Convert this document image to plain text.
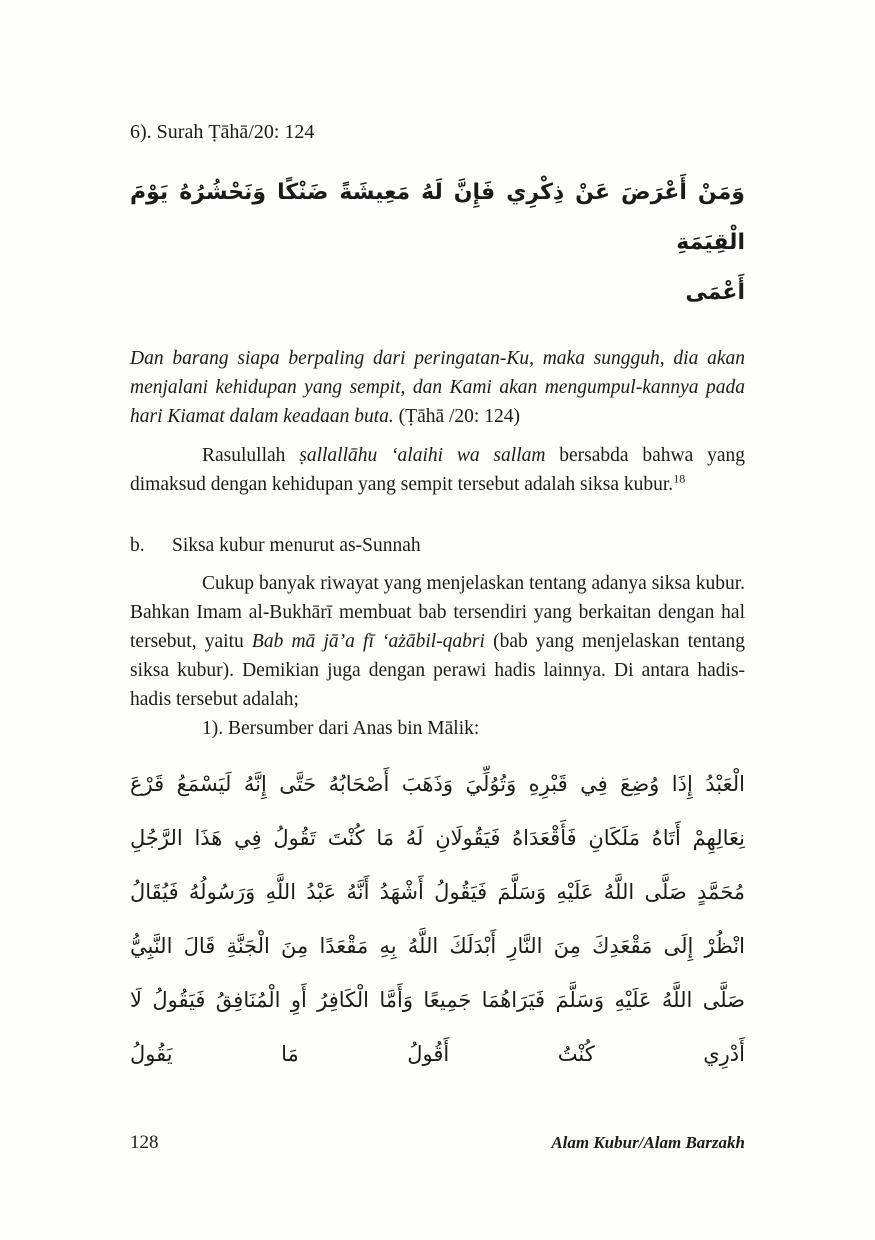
6). Surah Ṭāhā/20: 124
وَمَنْ أَعْرَضَ عَنْ ذِكْرِي فَإِنَّ لَهُ مَعِيشَةً ضَنْكًا وَنَحْشُرُهُ يَوْمَ الْقِيَمَةِ
أَعْمَى

Dan barang siapa berpaling dari peringatan-Ku, maka sungguh, dia akan menjalani kehidupan yang sempit, dan Kami akan mengumpul-kannya pada hari Kiamat dalam keadaan buta. (Ṭāhā /20: 124)

Rasulullah ṣallallāhu ‘alaihi wa sallam bersabda bahwa yang dimaksud dengan kehidupan yang sempit tersebut adalah siksa kubur.$^{18}$

b. Siksa kubur menurut as-Sunnah

Cukup banyak riwayat yang menjelaskan tentang adanya siksa kubur. Bahkan Imam al-Bukhārī membuat bab tersendiri yang berkaitan dengan hal tersebut, yaitu Bab mā jā’a fī ‘ażābil-qabri (bab yang menjelaskan tentang siksa kubur). Demikian juga dengan perawi hadis lainnya. Di antara hadis-hadis tersebut adalah;

1). Bersumber dari Anas bin Mālik:

الْعَبْدُ إِذَا وُضِعَ فِي قَبْرِهِ وَتُوُلِّيَ وَذَهَبَ أَصْحَابُهُ حَتَّى إِنَّهُ لَيَسْمَعُ قَرْعَ نِعَالِهِمْ أَتَاهُ مَلَكَانِ فَأَقْعَدَاهُ فَيَقُولَانِ لَهُ مَا كُنْتَ تَقُولُ فِي هَذَا الرَّجُلِ مُحَمَّدٍ صَلَّى اللَّهُ عَلَيْهِ وَسَلَّمَ فَيَقُولُ أَشْهَدُ أَنَّهُ عَبْدُ اللَّهِ وَرَسُولُهُ فَيُقَالُ انْظُرْ إِلَى مَقْعَدِكَ مِنَ النَّارِ أَبْدَلَكَ اللَّهُ بِهِ مَقْعَدًا مِنَ الْجَنَّةِ قَالَ النَّبِيُّ صَلَّى اللَّهُ عَلَيْهِ وَسَلَّمَ فَيَرَاهُمَا جَمِيعًا وَأَمَّا الْكَافِرُ أَوِ الْمُنَافِقُ فَيَقُولُ لَا أَدْرِي كُنْتُ أَقُولُ مَا يَقُولُ
128	Alam Kubur/Alam Barzakh
